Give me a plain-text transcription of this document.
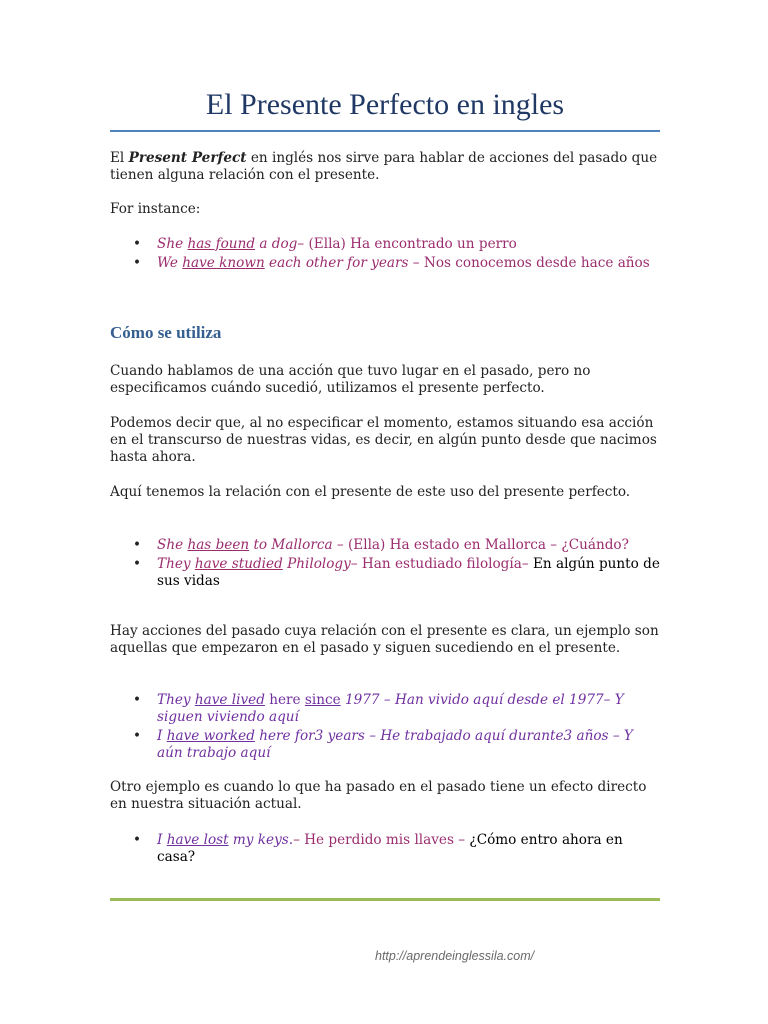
El Presente Perfecto en ingles
El Present Perfect en inglés nos sirve para hablar de acciones del pasado que tienen alguna relación con el presente.
For instance:
• She has found a dog– (Ella) Ha encontrado un perro
• We have known each other for years – Nos conocemos desde hace años
Cómo se utiliza
Cuando hablamos de una acción que tuvo lugar en el pasado, pero no especificamos cuándo sucedió, utilizamos el presente perfecto.
Podemos decir que, al no especificar el momento, estamos situando esa acción en el transcurso de nuestras vidas, es decir, en algún punto desde que nacimos hasta ahora.
Aquí tenemos la relación con el presente de este uso del presente perfecto.
• She has been to Mallorca – (Ella) Ha estado en Mallorca – ¿Cuándo?
• They have studied Philology– Han estudiado filología– En algún punto de sus vidas
Hay acciones del pasado cuya relación con el presente es clara, un ejemplo son aquellas que empezaron en el pasado y siguen sucediendo en el presente.
• They have lived here since 1977 – Han vivido aquí desde el 1977– Y siguen viviendo aquí
• I have worked here for3 years – He trabajado aquí durante3 años – Y aún trabajo aquí
Otro ejemplo es cuando lo que ha pasado en el pasado tiene un efecto directo en nuestra situación actual.
• I have lost my keys.– He perdido mis llaves – ¿Cómo entro ahora en casa?
http://aprendeinglessila.com/
